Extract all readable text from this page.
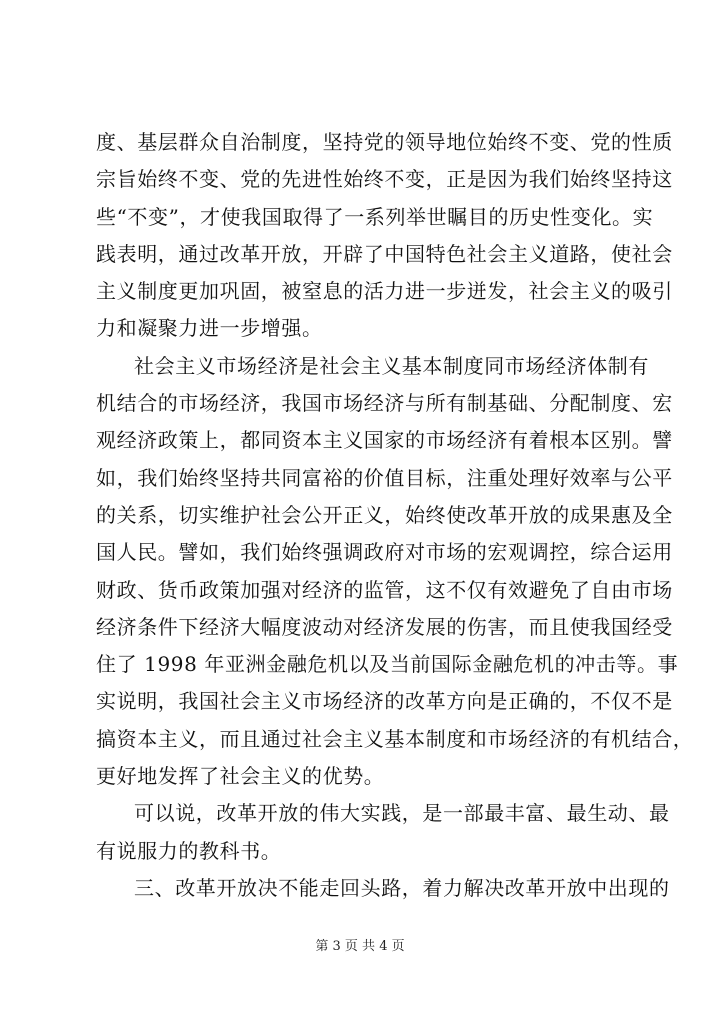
度、基层群众自治制度，坚持党的领导地位始终不变、党的性质
宗旨始终不变、党的先进性始终不变，正是因为我们始终坚持这
些“不变”，才使我国取得了一系列举世瞩目的历史性变化。实
践表明，通过改革开放，开辟了中国特色社会主义道路，使社会
主义制度更加巩固，被窒息的活力进一步迸发，社会主义的吸引
力和凝聚力进一步增强。
社会主义市场经济是社会主义基本制度同市场经济体制有
机结合的市场经济，我国市场经济与所有制基础、分配制度、宏
观经济政策上，都同资本主义国家的市场经济有着根本区别。譬
如，我们始终坚持共同富裕的价值目标，注重处理好效率与公平
的关系，切实维护社会公开正义，始终使改革开放的成果惠及全
国人民。譬如，我们始终强调政府对市场的宏观调控，综合运用
财政、货币政策加强对经济的监管，这不仅有效避免了自由市场
经济条件下经济大幅度波动对经济发展的伤害，而且使我国经受
住了 1998 年亚洲金融危机以及当前国际金融危机的冲击等。事
实说明，我国社会主义市场经济的改革方向是正确的，不仅不是
搞资本主义，而且通过社会主义基本制度和市场经济的有机结合，
更好地发挥了社会主义的优势。
可以说，改革开放的伟大实践，是一部最丰富、最生动、最
有说服力的教科书。
三、改革开放决不能走回头路，着力解决改革开放中出现的
第 3 页 共 4 页
